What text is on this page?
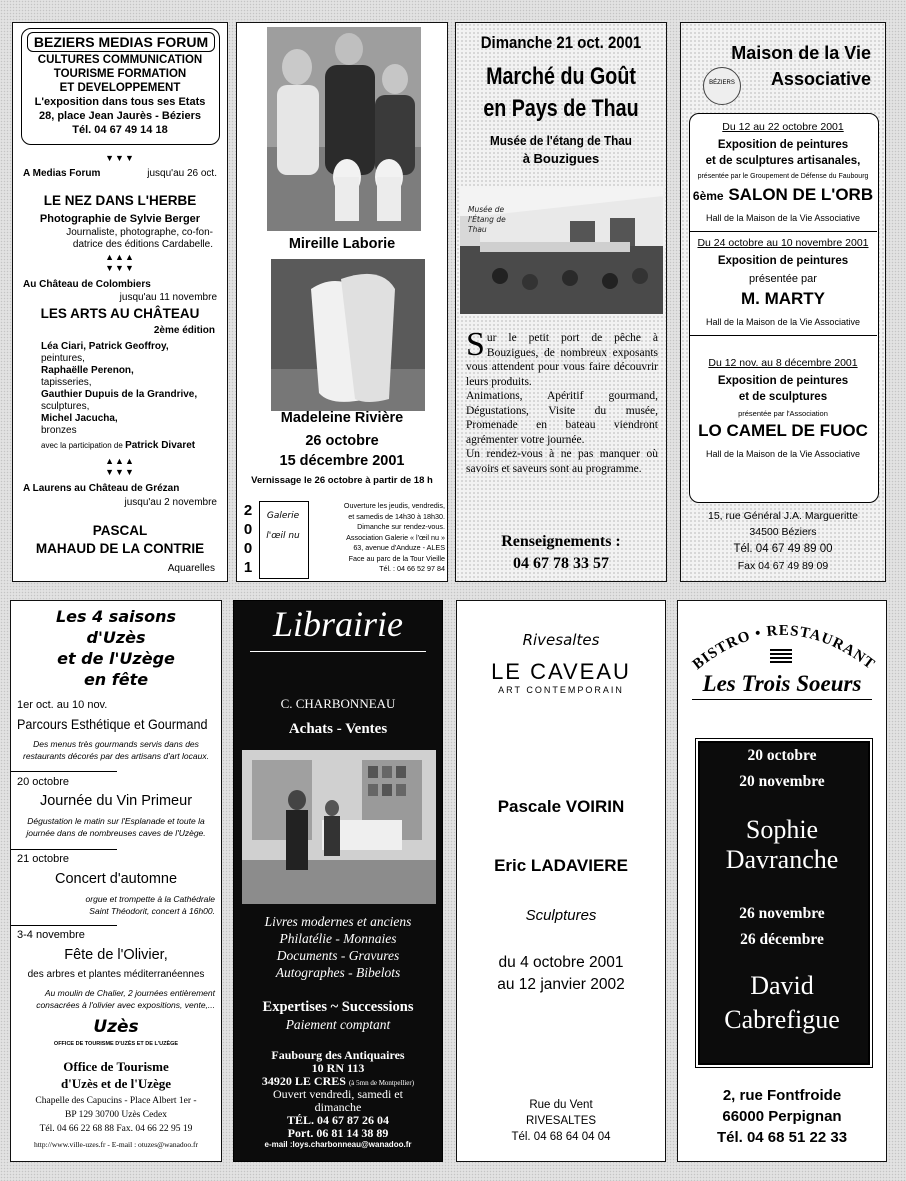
BEZIERS MEDIAS FORUM
CULTURES COMMUNICATION
TOURISME FORMATION
ET DEVELOPPEMENT
L'exposition dans tous ses Etats
28, place Jean Jaurès - Béziers
Tél. 04 67 49 14 18
▼▼▼
A Medias Forum	jusqu'au 26 oct.
LE NEZ DANS L'HERBE
Photographie de Sylvie Berger
Journaliste, photographe, co-fon-
datrice des éditions Cardabelle.
▲▲▲
▼▼▼
Au Château de Colombiers
jusqu'au 11 novembre
LES ARTS AU CHÂTEAU
2ème édition
Léa Ciari, Patrick Geoffroy,
peintures,
Raphaëlle Perenon,
tapisseries,
Gauthier Dupuis de la Grandrive,
sculptures,
Michel Jacucha,
bronzes
avec la participation de Patrick Divaret
▲▲▲
▼▼▼
A Laurens au Château de Grézan
jusqu'au 2 novembre
PASCAL
MAHAUD DE LA CONTRIE
Aquarelles
Mireille Laborie
Madeleine Rivière
26 octobre
15 décembre 2001
Vernissage le 26 octobre à partir de 18 h
2
0
0
1
Galerie l'œil nu
Ouverture les jeudis, vendredis,
et samedis de 14h30 à 18h30.
Dimanche sur rendez-vous.
Association Galerie « l'œil nu »
63, avenue d'Anduze - ALES
Face au parc de la Tour Vieille
Tél. : 04 66 52 97 84
Dimanche 21 oct. 2001
Marché du Goût
en Pays de Thau
Musée de l'étang de Thau
à Bouzigues
Musée de l'Étang de Thau
Sur le petit port de pêche à Bouzigues, de nombreux exposants vous attendent pour vous faire découvrir leurs produits.
Animations, Apéritif gourmand, Dégustations, Visite du musée, Promenade en bateau viendront agrémenter votre journée.
Un rendez-vous à ne pas manquer où savoirs et saveurs sont au programme.
Renseignements :
04 67 78 33 57
Maison de la Vie
Associative
BÉZIERS
Du 12 au 22 octobre 2001
Exposition de peintures
et de sculptures artisanales,
présentée par le Groupement de Défense du Faubourg
6ème SALON DE L'ORB
Hall de la Maison de la Vie Associative
Du 24 octobre au 10 novembre 2001
Exposition de peintures
présentée par
M. MARTY
Hall de la Maison de la Vie Associative
Du 12 nov. au 8 décembre 2001
Exposition de peintures
et de sculptures
présentée par l'Association
LO CAMEL DE FUOC
Hall de la Maison de la Vie Associative
15, rue Général J.A. Margueritte
34500 Béziers
Tél. 04 67 49 89 00
Fax 04 67 49 89 09
Les 4 saisons
d'Uzès
et de l'Uzège
en fête
1er oct. au 10 nov.
Parcours Esthétique et Gourmand
Des menus très gourmands servis dans des restaurants décorés par des artisans d'art locaux.
20 octobre
Journée du Vin Primeur
Dégustation le matin sur l'Esplanade et toute la journée dans de nombreuses caves de l'Uzège.
21 octobre
Concert d'automne
orgue et trompette à la Cathédrale Saint Théodorit, concert à 16h00.
3-4 novembre
Fête de l'Olivier,
des arbres et plantes méditerranéennes
Au moulin de Chalier, 2 journées entièrement consacrées à l'olivier avec expositions, vente,...
Uzès
OFFICE DE TOURISME D'UZÈS ET DE L'UZÈGE
Office de Tourisme
d'Uzès et de l'Uzège
Chapelle des Capucins - Place Albert 1er -
BP 129 30700 Uzès Cedex
Tél. 04 66 22 68 88 Fax. 04 66 22 95 19
http://www.ville-uzes.fr - E-mail : otuzes@wanadoo.fr
Librairie
C. CHARBONNEAU
Achats - Ventes
Livres modernes et anciens
Philatélie - Monnaies
Documents - Gravures
Autographes - Bibelots
Expertises ~ Successions
Paiement comptant
Faubourg des Antiquaires
10 RN 113
34920 LE CRES (à 5mn de Montpellier)
Ouvert vendredi, samedi et
dimanche
TÉL. 04 67 87 26 04
Port. 06 81 14 38 89
e-mail :loys.charbonneau@wanadoo.fr
Rivesaltes
LE CAVEAU
ART CONTEMPORAIN
Pascale VOIRIN
Eric LADAVIERE
Sculptures
du 4 octobre 2001
au 12 janvier 2002
Rue du Vent
RIVESALTES
Tél. 04 68 64 04 04
BISTRO • RESTAURANT
Les Trois Soeurs
20 octobre
20 novembre
Sophie
Davranche
26 novembre
26 décembre
David
Cabrefigue
2, rue Fontfroide
66000 Perpignan
Tél. 04 68 51 22 33
